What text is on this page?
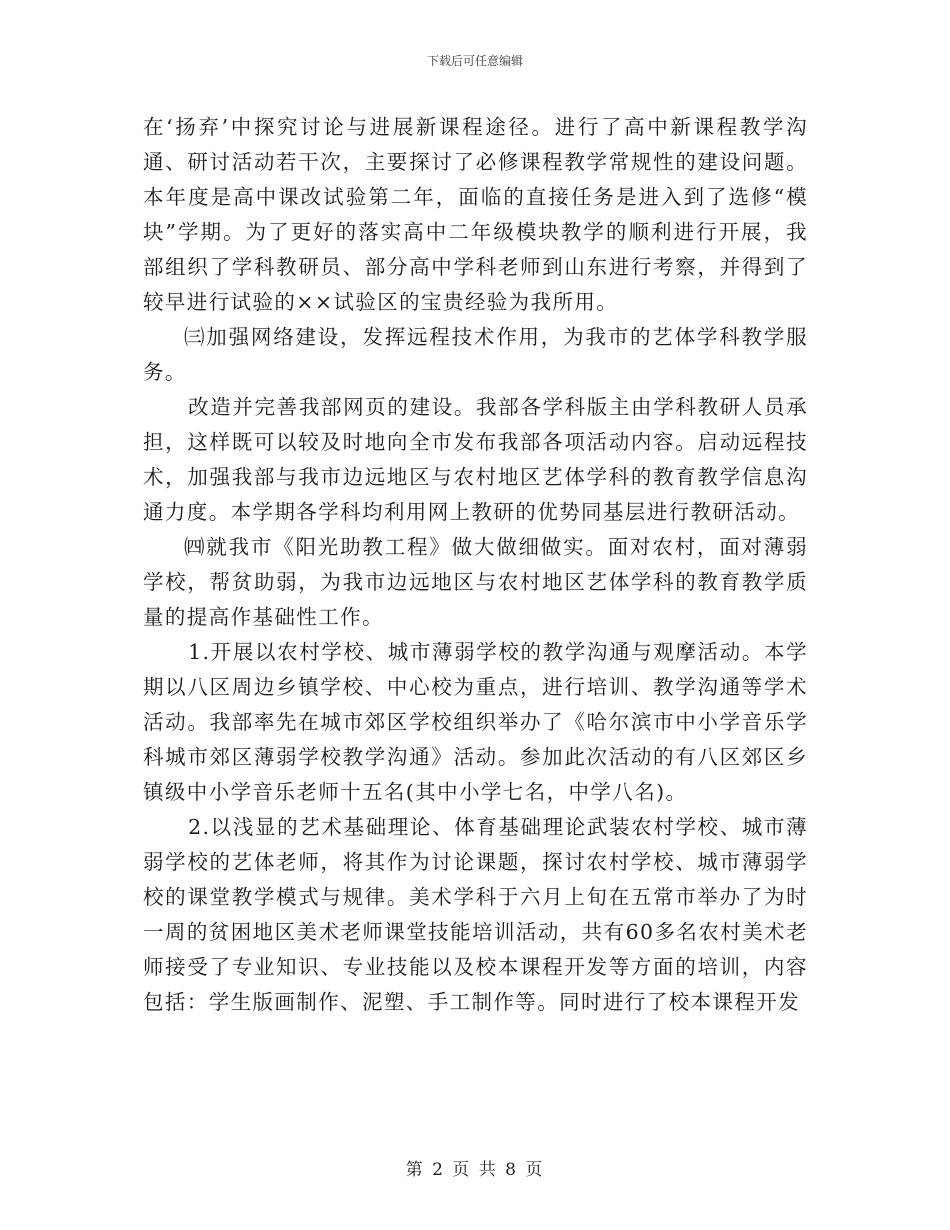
下载后可任意编辑

在‘扬弃’中探究讨论与进展新课程途径。进行了高中新课程教学沟通、研讨活动若干次，主要探讨了必修课程教学常规性的建设问题。本年度是高中课改试验第二年，面临的直接任务是进入到了选修“模块”学期。为了更好的落实高中二年级模块教学的顺利进行开展，我部组织了学科教研员、部分高中学科老师到山东进行考察，并得到了较早进行试验的××试验区的宝贵经验为我所用。

㈢加强网络建设，发挥远程技术作用，为我市的艺体学科教学服务。

改造并完善我部网页的建设。我部各学科版主由学科教研人员承担，这样既可以较及时地向全市发布我部各项活动内容。启动远程技术，加强我部与我市边远地区与农村地区艺体学科的教育教学信息沟通力度。本学期各学科均利用网上教研的优势同基层进行教研活动。

㈣就我市《阳光助教工程》做大做细做实。面对农村，面对薄弱学校，帮贫助弱，为我市边远地区与农村地区艺体学科的教育教学质量的提高作基础性工作。

1.开展以农村学校、城市薄弱学校的教学沟通与观摩活动。本学期以八区周边乡镇学校、中心校为重点，进行培训、教学沟通等学术活动。我部率先在城市郊区学校组织举办了《哈尔滨市中小学音乐学科城市郊区薄弱学校教学沟通》活动。参加此次活动的有八区郊区乡镇级中小学音乐老师十五名(其中小学七名，中学八名)。

2.以浅显的艺术基础理论、体育基础理论武装农村学校、城市薄弱学校的艺体老师，将其作为讨论课题，探讨农村学校、城市薄弱学校的课堂教学模式与规律。美术学科于六月上旬在五常市举办了为时一周的贫困地区美术老师课堂技能培训活动，共有60多名农村美术老师接受了专业知识、专业技能以及校本课程开发等方面的培训，内容包括：学生版画制作、泥塑、手工制作等。同时进行了校本课程开发

第 2 页 共 8 页
